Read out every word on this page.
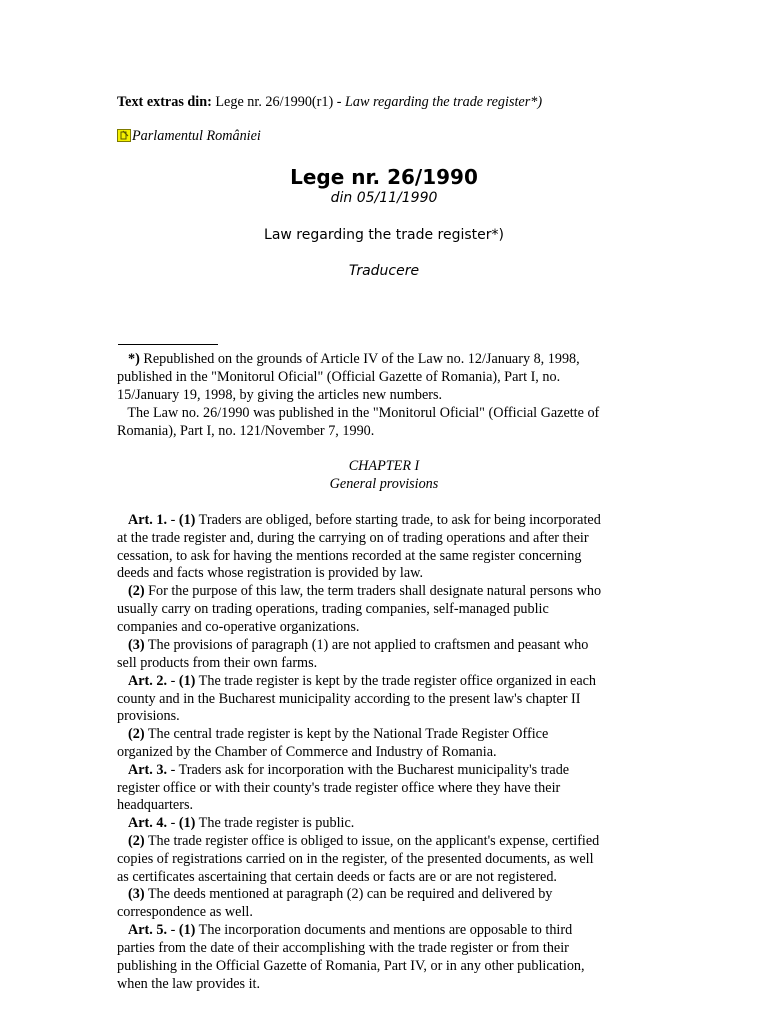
Text extras din: Lege nr. 26/1990(r1) - Law regarding the trade register*)
Parlamentul României
Lege nr. 26/1990
din 05/11/1990
Law regarding the trade register*)
Traducere
*) Republished on the grounds of Article IV of the Law no. 12/January 8, 1998,
published in the "Monitorul Oficial" (Official Gazette of Romania), Part I, no.
15/January 19, 1998, by giving the articles new numbers.
The Law no. 26/1990 was published in the "Monitorul Oficial" (Official Gazette of
Romania), Part I, no. 121/November 7, 1990.
CHAPTER I
General provisions
Art. 1. - (1) Traders are obliged, before starting trade, to ask for being incorporated
at the trade register and, during the carrying on of trading operations and after their
cessation, to ask for having the mentions recorded at the same register concerning
deeds and facts whose registration is provided by law.
(2) For the purpose of this law, the term traders shall designate natural persons who
usually carry on trading operations, trading companies, self-managed public
companies and co-operative organizations.
(3) The provisions of paragraph (1) are not applied to craftsmen and peasant who
sell products from their own farms.
Art. 2. - (1) The trade register is kept by the trade register office organized in each
county and in the Bucharest municipality according to the present law's chapter II
provisions.
(2) The central trade register is kept by the National Trade Register Office
organized by the Chamber of Commerce and Industry of Romania.
Art. 3. - Traders ask for incorporation with the Bucharest municipality's trade
register office or with their county's trade register office where they have their
headquarters.
Art. 4. - (1) The trade register is public.
(2) The trade register office is obliged to issue, on the applicant's expense, certified
copies of registrations carried on in the register, of the presented documents, as well
as certificates ascertaining that certain deeds or facts are or are not registered.
(3) The deeds mentioned at paragraph (2) can be required and delivered by
correspondence as well.
Art. 5. - (1) The incorporation documents and mentions are opposable to third
parties from the date of their accomplishing with the trade register or from their
publishing in the Official Gazette of Romania, Part IV, or in any other publication,
when the law provides it.
